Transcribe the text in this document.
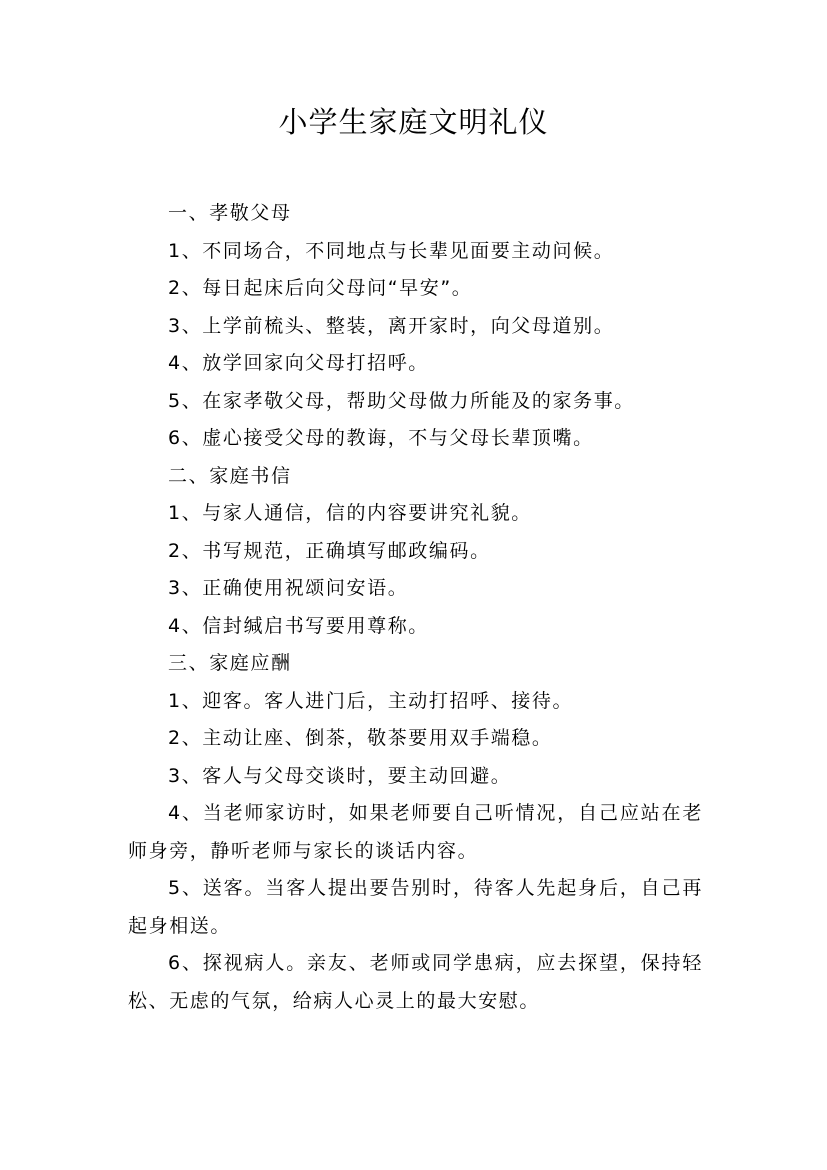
小学生家庭文明礼仪

一、孝敬父母

1、不同场合，不同地点与长辈见面要主动问候。

2、每日起床后向父母问“早安”。

3、上学前梳头、整装，离开家时，向父母道别。

4、放学回家向父母打招呼。

5、在家孝敬父母，帮助父母做力所能及的家务事。

6、虚心接受父母的教诲，不与父母长辈顶嘴。

二、家庭书信

1、与家人通信，信的内容要讲究礼貌。

2、书写规范，正确填写邮政编码。

3、正确使用祝颂问安语。

4、信封缄启书写要用尊称。

三、家庭应酬

1、迎客。客人进门后，主动打招呼、接待。

2、主动让座、倒茶，敬茶要用双手端稳。

3、客人与父母交谈时，要主动回避。

4、当老师家访时，如果老师要自己听情况，自己应站在老师身旁，静听老师与家长的谈话内容。

5、送客。当客人提出要告别时，待客人先起身后，自己再起身相送。

6、探视病人。亲友、老师或同学患病，应去探望，保持轻松、无虑的气氛，给病人心灵上的最大安慰。
